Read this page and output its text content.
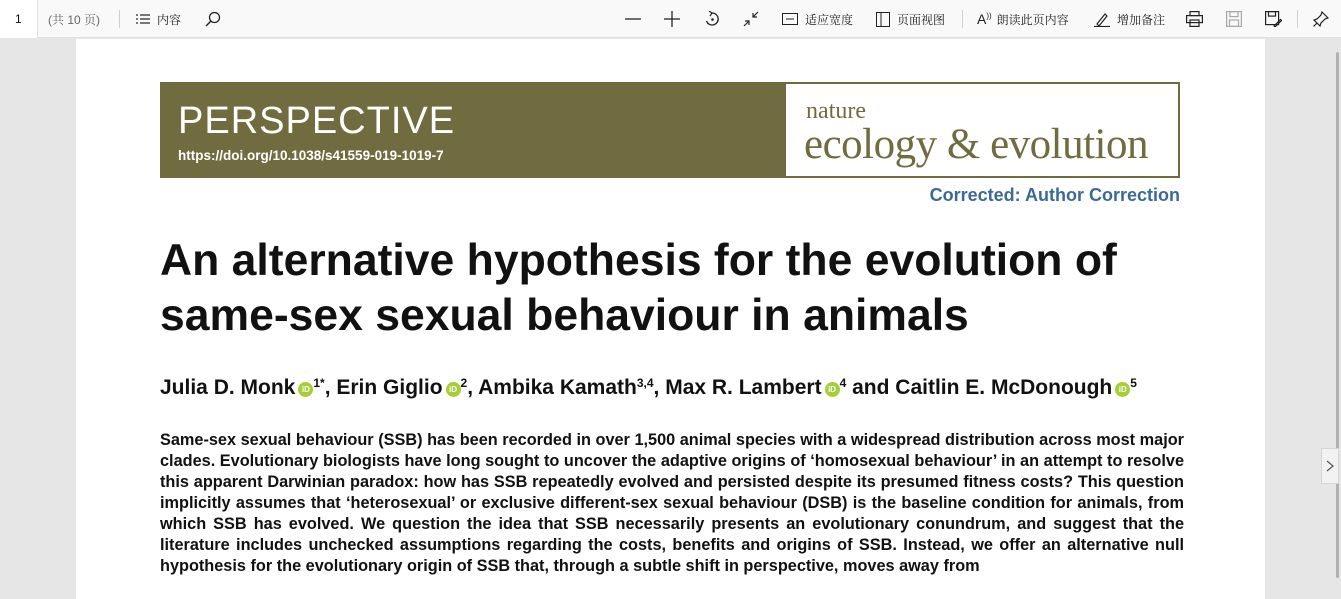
1	(共 10 页)	内容	适应宽度	页面视图 A)) 朗读此页内容	增加备注
PERSPECTIVE
https://doi.org/10.1038/s41559-019-1019-7
nature
ecology & evolution
Corrected: Author Correction
An alternative hypothesis for the evolution of same-sex sexual behaviour in animals
Julia D. Monk iD $^{1*}$, Erin Giglio iD $^2$, Ambika Kamath$^{3,4}$, Max R. Lambert iD $^4$ and Caitlin E. McDonough iD $^5$
Same-sex sexual behaviour (SSB) has been recorded in over 1,500 animal species with a widespread distribution across most major clades. Evolutionary biologists have long sought to uncover the adaptive origins of ‘homosexual behaviour’ in an attempt to resolve this apparent Darwinian paradox: how has SSB repeatedly evolved and persisted despite its presumed fitness costs? This question implicitly assumes that ‘heterosexual’ or exclusive different-sex sexual behaviour (DSB) is the baseline condition for animals, from which SSB has evolved. We question the idea that SSB necessarily presents an evolutionary conundrum, and suggest that the literature includes unchecked assumptions regarding the costs, benefits and origins of SSB. Instead, we offer an alternative null hypothesis for the evolutionary origin of SSB that, through a subtle shift in perspective, moves away from
